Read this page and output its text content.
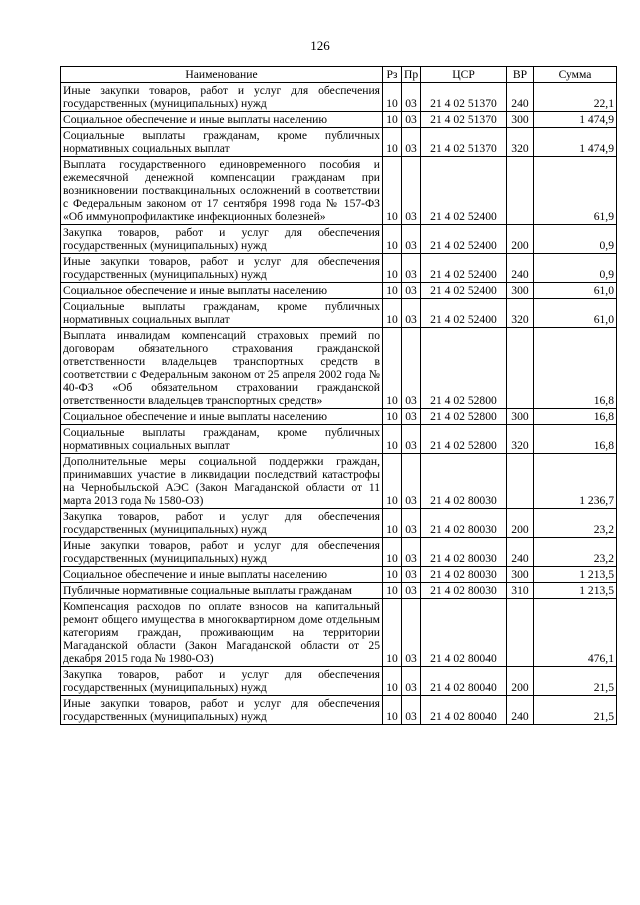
126
Наименование	Рз	Пр	ЦСР	ВР	Сумма
Иные закупки товаров, работ и услуг для обеспечения государственных (муниципальных) нужд	10	03	21 4 02 51370	240	22,1
Социальное обеспечение и иные выплаты населению	10	03	21 4 02 51370	300	1 474,9
Социальные выплаты гражданам, кроме публичных нормативных социальных выплат	10	03	21 4 02 51370	320	1 474,9
Выплата государственного единовременного пособия и ежемесячной денежной компенсации гражданам при возникновении поствакцинальных осложнений в соответствии с Федеральным законом от 17 сентября 1998 года № 157-ФЗ «Об иммунопрофилактике инфекционных болезней»	10	03	21 4 02 52400		61,9
Закупка товаров, работ и услуг для обеспечения государственных (муниципальных) нужд	10	03	21 4 02 52400	200	0,9
Иные закупки товаров, работ и услуг для обеспечения государственных (муниципальных) нужд	10	03	21 4 02 52400	240	0,9
Социальное обеспечение и иные выплаты населению	10	03	21 4 02 52400	300	61,0
Социальные выплаты гражданам, кроме публичных нормативных социальных выплат	10	03	21 4 02 52400	320	61,0
Выплата инвалидам компенсаций страховых премий по договорам обязательного страхования гражданской ответственности владельцев транспортных средств в соответствии с Федеральным законом от 25 апреля 2002 года № 40-ФЗ «Об обязательном страховании гражданской ответственности владельцев транспортных средств»	10	03	21 4 02 52800		16,8
Социальное обеспечение и иные выплаты населению	10	03	21 4 02 52800	300	16,8
Социальные выплаты гражданам, кроме публичных нормативных социальных выплат	10	03	21 4 02 52800	320	16,8
Дополнительные меры социальной поддержки граждан, принимавших участие в ликвидации последствий катастрофы на Чернобыльской АЭС (Закон Магаданской области от 11 марта 2013 года № 1580-ОЗ)	10	03	21 4 02 80030		1 236,7
Закупка товаров, работ и услуг для обеспечения государственных (муниципальных) нужд	10	03	21 4 02 80030	200	23,2
Иные закупки товаров, работ и услуг для обеспечения государственных (муниципальных) нужд	10	03	21 4 02 80030	240	23,2
Социальное обеспечение и иные выплаты населению	10	03	21 4 02 80030	300	1 213,5
Публичные нормативные социальные выплаты гражданам	10	03	21 4 02 80030	310	1 213,5
Компенсация расходов по оплате взносов на капитальный ремонт общего имущества в многоквартирном доме отдельным категориям граждан, проживающим на территории Магаданской области (Закон Магаданской области от 25 декабря 2015 года № 1980-ОЗ)	10	03	21 4 02 80040		476,1
Закупка товаров, работ и услуг для обеспечения государственных (муниципальных) нужд	10	03	21 4 02 80040	200	21,5
Иные закупки товаров, работ и услуг для обеспечения государственных (муниципальных) нужд	10	03	21 4 02 80040	240	21,5
